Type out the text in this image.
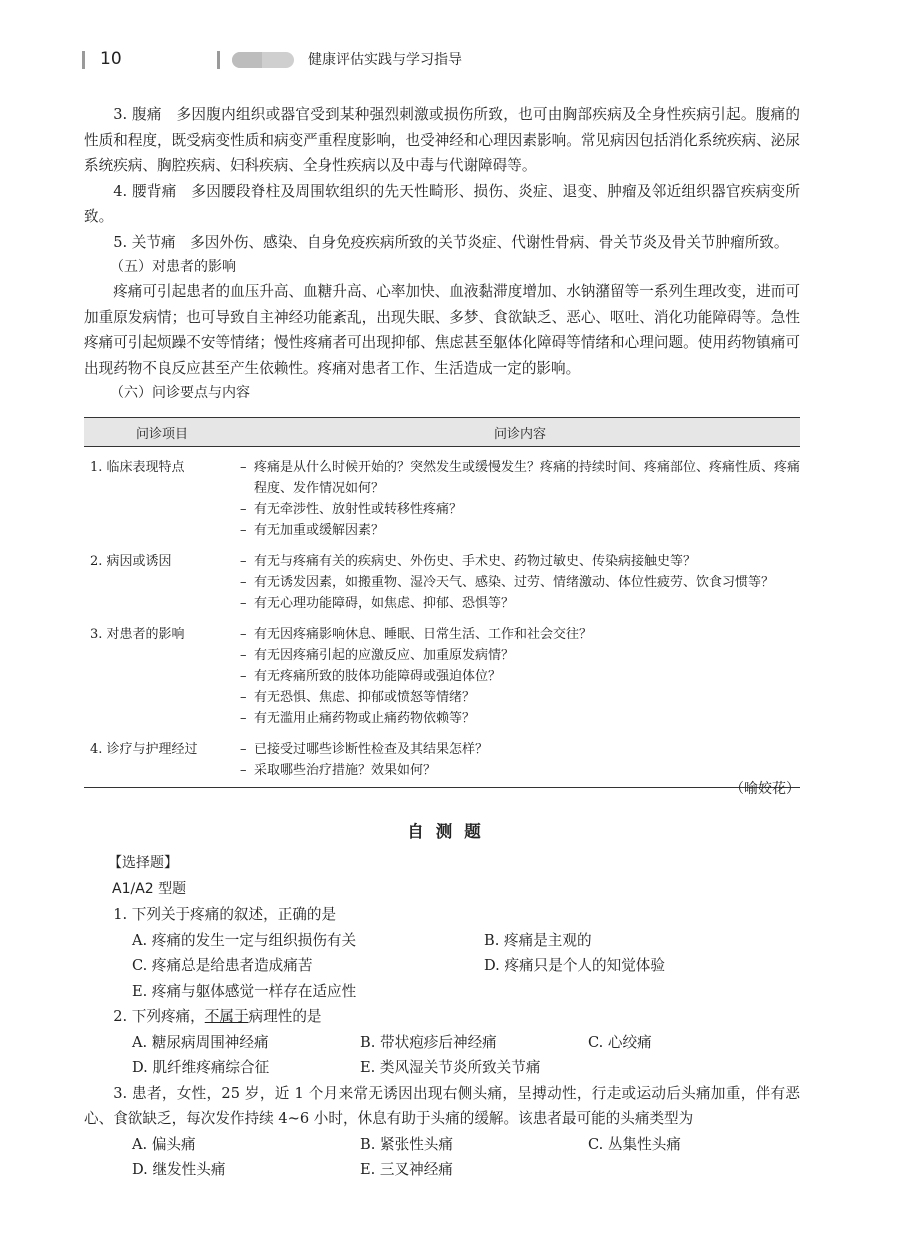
10	健康评估实践与学习指导

3. 腹痛　多因腹内组织或器官受到某种强烈刺激或损伤所致，也可由胸部疾病及全身性疾病引起。腹痛的性质和程度，既受病变性质和病变严重程度影响，也受神经和心理因素影响。常见病因包括消化系统疾病、泌尿系统疾病、胸腔疾病、妇科疾病、全身性疾病以及中毒与代谢障碍等。

4. 腰背痛　多因腰段脊柱及周围软组织的先天性畸形、损伤、炎症、退变、肿瘤及邻近组织器官疾病变所致。

5. 关节痛　多因外伤、感染、自身免疫疾病所致的关节炎症、代谢性骨病、骨关节炎及骨关节肿瘤所致。

（五）对患者的影响

疼痛可引起患者的血压升高、血糖升高、心率加快、血液黏滞度增加、水钠潴留等一系列生理改变，进而可加重原发病情；也可导致自主神经功能紊乱，出现失眠、多梦、食欲缺乏、恶心、呕吐、消化功能障碍等。急性疼痛可引起烦躁不安等情绪；慢性疼痛者可出现抑郁、焦虑甚至躯体化障碍等情绪和心理问题。使用药物镇痛可出现药物不良反应甚至产生依赖性。疼痛对患者工作、生活造成一定的影响。

（六）问诊要点与内容

问诊项目	问诊内容
1. 临床表现特点	– 疼痛是从什么时候开始的？突然发生或缓慢发生？疼痛的持续时间、疼痛部位、疼痛性质、疼痛程度、发作情况如何？
– 有无牵涉性、放射性或转移性疼痛？
– 有无加重或缓解因素？

2. 病因或诱因	– 有无与疼痛有关的疾病史、外伤史、手术史、药物过敏史、传染病接触史等？
– 有无诱发因素，如搬重物、湿冷天气、感染、过劳、情绪激动、体位性疲劳、饮食习惯等？
– 有无心理功能障碍，如焦虑、抑郁、恐惧等？

3. 对患者的影响	– 有无因疼痛影响休息、睡眠、日常生活、工作和社会交往？
– 有无因疼痛引起的应激反应、加重原发病情？
– 有无疼痛所致的肢体功能障碍或强迫体位？
– 有无恐惧、焦虑、抑郁或愤怒等情绪？
– 有无滥用止痛药物或止痛药物依赖等？

4. 诊疗与护理经过	– 已接受过哪些诊断性检查及其结果怎样？
– 采取哪些治疗措施？效果如何？
（喻姣花）
自测题

【选择题】

A1/A2 型题

1. 下列关于疼痛的叙述，正确的是

A. 疼痛的发生一定与组织损伤有关	B. 疼痛是主观的
C. 疼痛总是给患者造成痛苦	D. 疼痛只是个人的知觉体验
E. 疼痛与躯体感觉一样存在适应性

2. 下列疼痛，不属于病理性的是

A. 糖尿病周围神经痛	B. 带状疱疹后神经痛	C. 心绞痛
D. 肌纤维疼痛综合征	E. 类风湿关节炎所致关节痛

3. 患者，女性，25 岁，近 1 个月来常无诱因出现右侧头痛，呈搏动性，行走或运动后头痛加重，伴有恶心、食欲缺乏，每次发作持续 4~6 小时，休息有助于头痛的缓解。该患者最可能的头痛类型为

A. 偏头痛	B. 紧张性头痛	C. 丛集性头痛
D. 继发性头痛	E. 三叉神经痛
